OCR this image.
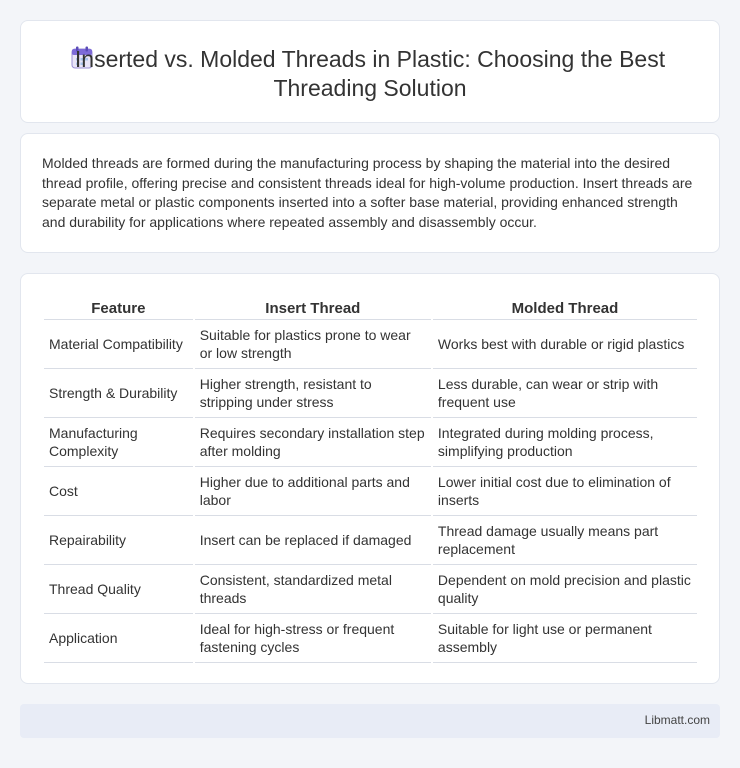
Inserted vs. Molded Threads in Plastic: Choosing the Best Threading Solution

Molded threads are formed during the manufacturing process by shaping the material into the desired thread profile, offering precise and consistent threads ideal for high-volume production. Insert threads are separate metal or plastic components inserted into a softer base material, providing enhanced strength and durability for applications where repeated assembly and disassembly occur.

Feature	Insert Thread	Molded Thread
Material Compatibility	Suitable for plastics prone to wear or low strength	Works best with durable or rigid plastics
Strength & Durability	Higher strength, resistant to stripping under stress	Less durable, can wear or strip with frequent use
Manufacturing Complexity	Requires secondary installation step after molding	Integrated during molding process, simplifying production
Cost	Higher due to additional parts and labor	Lower initial cost due to elimination of inserts
Repairability	Insert can be replaced if damaged	Thread damage usually means part replacement
Thread Quality	Consistent, standardized metal threads	Dependent on mold precision and plastic quality
Application	Ideal for high-stress or frequent fastening cycles	Suitable for light use or permanent assembly
Libmatt.com
